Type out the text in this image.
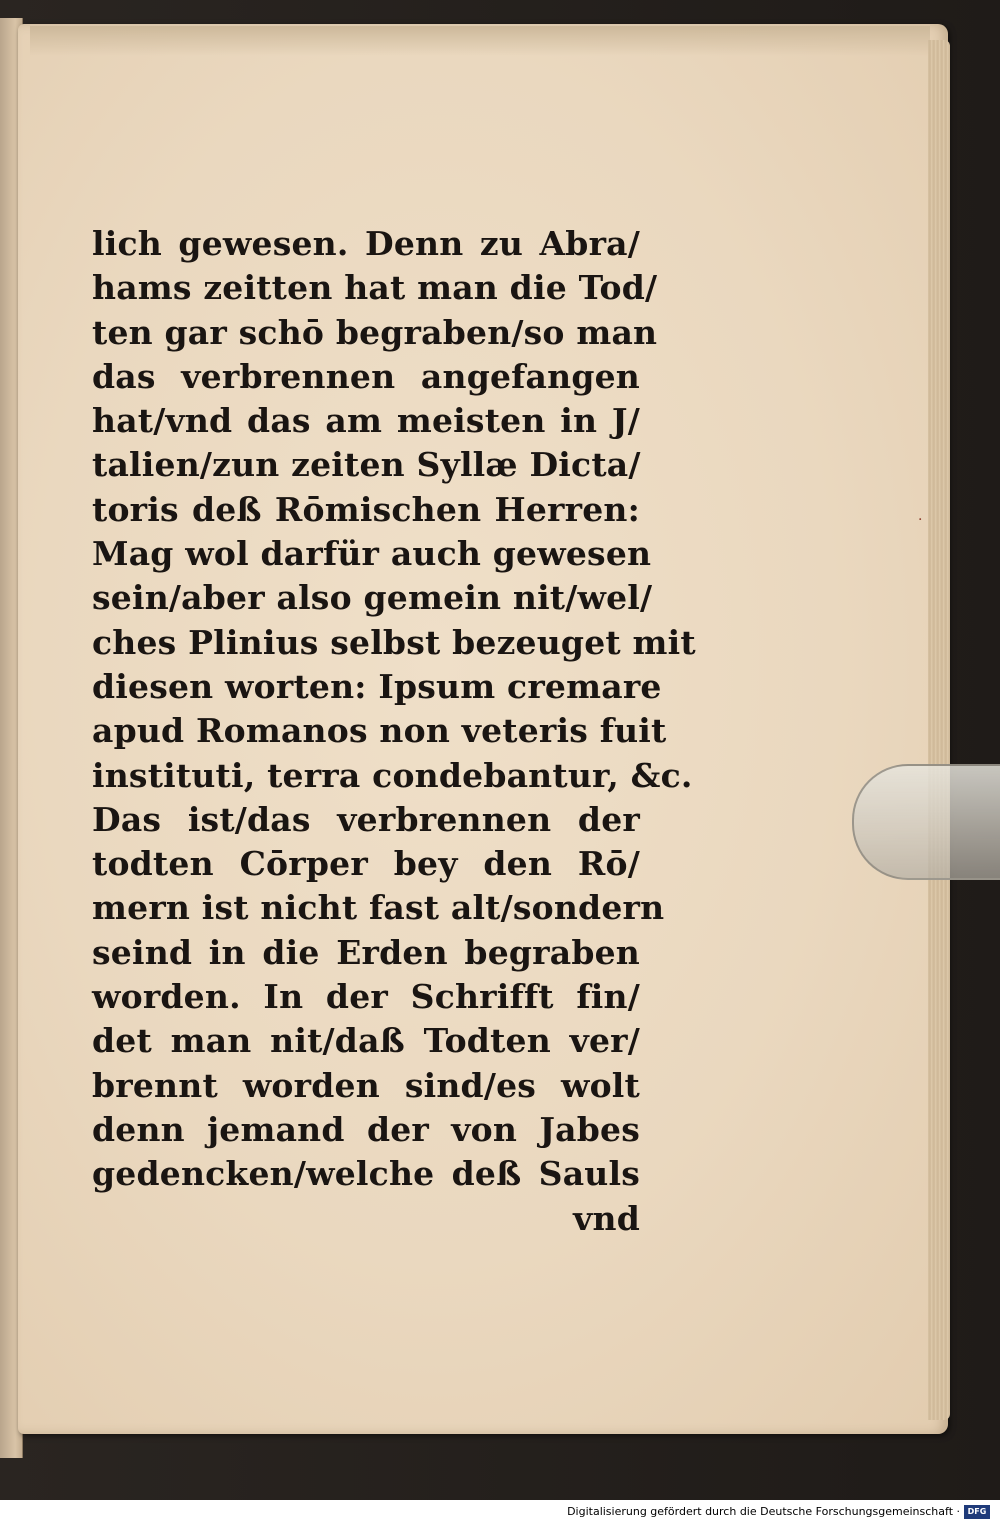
·
lich gewesen. Denn zu Abra/
hams zeitten hat man die Tod/
ten gar schō begraben/so man
das verbrennen angefangen
hat/vnd das am meisten in J/
talien/zun zeiten Syllæ Dicta/
toris deß Rōmischen Herren:
Mag wol darfür auch gewesen
sein/aber also gemein nit/wel/
ches Plinius selbst bezeuget mit
diesen worten: Ipsum cremare
apud Romanos non veteris fuit
instituti, terra condebantur, &c.
Das ist/das verbrennen der
todten Cōrper bey den Rō/
mern ist nicht fast alt/sondern
seind in die Erden begraben
worden. In der Schrifft fin/
det man nit/daß Todten ver/
brennt worden sind/es wolt
denn jemand der von Jabes
gedencken/welche deß Sauls
vnd
Digitalisierung gefördert durch die Deutsche Forschungsgemeinschaft · DFG
